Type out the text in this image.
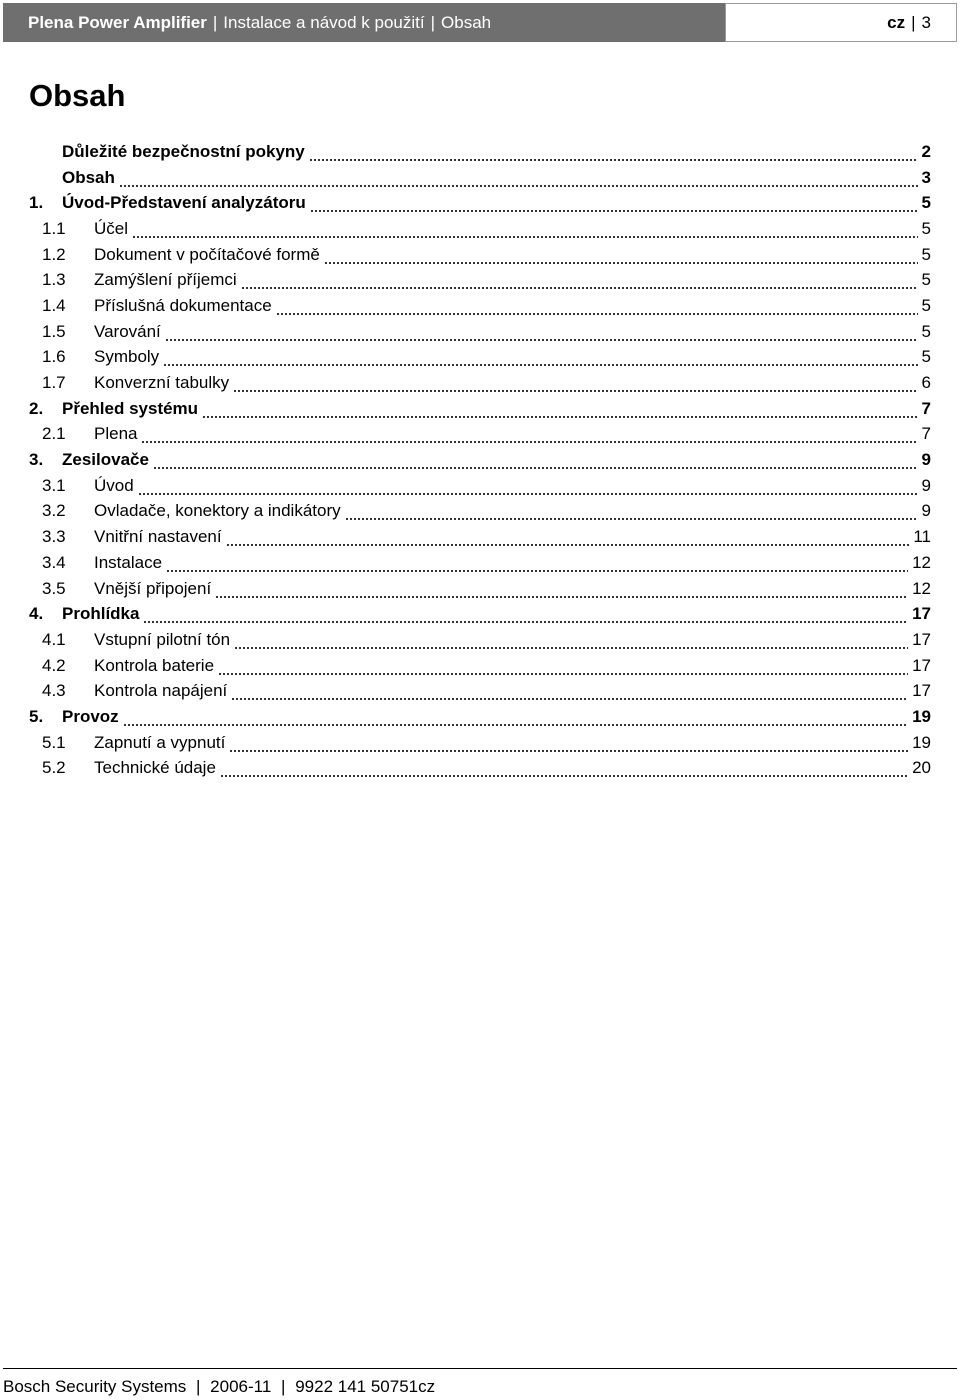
Plena Power Amplifier | Instalace a návod k použití | Obsah	cz | 3
Obsah
Důležité bezpečnostní pokyny	2
Obsah	3
1.	Úvod-Představení analyzátoru	5
1.1	Účel	5
1.2	Dokument v počítačové formě	5
1.3	Zamýšlení příjemci	5
1.4	Příslušná dokumentace	5
1.5	Varování	5
1.6	Symboly	5
1.7	Konverzní tabulky	6
2.	Přehled systému	7
2.1	Plena	7
3.	Zesilovače	9
3.1	Úvod	9
3.2	Ovladače, konektory a indikátory	9
3.3	Vnitřní nastavení	11
3.4	Instalace	12
3.5	Vnější připojení	12
4.	Prohlídka	17
4.1	Vstupní pilotní tón	17
4.2	Kontrola baterie	17
4.3	Kontrola napájení	17
5.	Provoz	19
5.1	Zapnutí a vypnutí	19
5.2	Technické údaje	20
Bosch Security Systems | 2006-11 | 9922 141 50751cz
